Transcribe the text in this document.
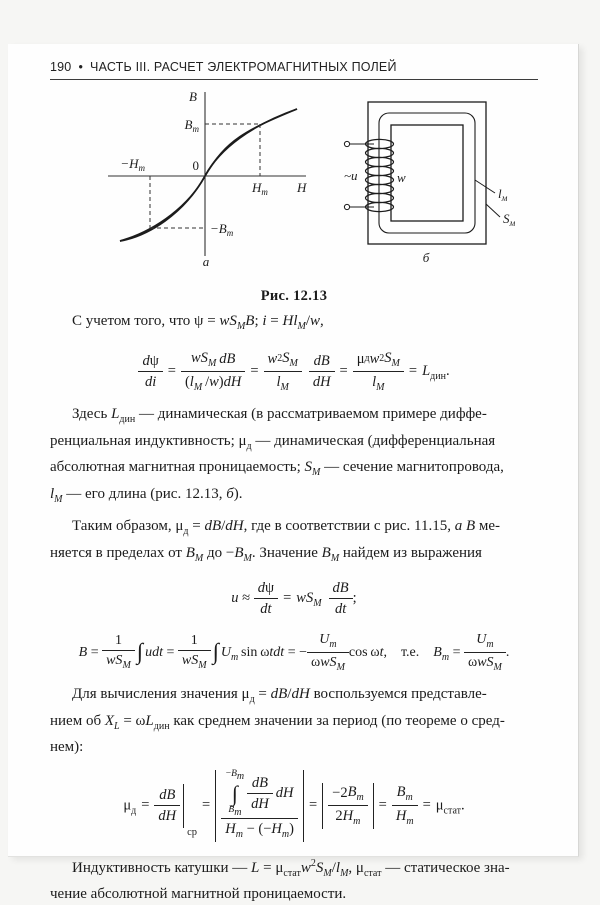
190 • ЧАСТЬ III. РАСЧЕТ ЭЛЕКТРОМАГНИТНЫХ ПОЛЕЙ
B
$B_m$
$-H_m$	0
$H_m$ H
$-B_m$
а
~u	w
$l_м$
$S_м$
б
Рис. 12.13
С учетом того, что $\psi = wS_MB$; $i = Hl_M/w$,
$\frac{\text{d ψ}}{di}$ =
$wS_M$
  dB
($l_M$ /w)dH
= $\frac{w 2 S_M}{l_M} \frac{dB}{dH}$ =
μ д w 2 $S_M$
$l_M$
= $L_{дин}$.
Здесь $L_{дин}$ — динамическая (в рассматриваемом примере диффе-
ренциальная индуктивность; $\mu_д$ — динамическая (дифференциальная
абсолютная магнитная проницаемость; $S_M$ — сечение магнитопровода,
$l_M$ — его длина (рис. 12.13, б).
Таким образом, $\mu_д = dB/dH$, где в соответствии с рис. 11.15, а B ме-
няется в пределах от $B_M$ до $-B_M$. Значение $B_M$ найдем из выражения
$u \approx \frac{\text{d ψ}}{dt} = wS_M \frac{dB}{dt}$ ;
B =
1
$wS_M$
∫ udt =
1
$wS_M$
∫ $U_m$ sin ωtdt = −
$U_m$
ωwS$_M$
cos ωt, т.е. $B_m$ =
$U_m$
ωwS$_M$
.
Для вычисления значения $\mu_д = dB/dH$ воспользуемся представле-
нием об $X_L = \omega L_{дин}$ как среднем значении за период (по теореме о сред-
нем):
$\mu_д = \frac{dB}{dH}$
ср
=
$-B_m$
∫
$B_m$
dB
dH

dH
$H_m - (-H_m)$
=
−2 $B_m$
$2H_m$
= $\frac{B_m}{H_m} = \mu_{стат}$.
Индуктивность катушки — $L = \mu_{стат}w^2S_M/l_M$, $\mu_{стат}$ — статическое зна-
чение абсолютной магнитной проницаемости.
